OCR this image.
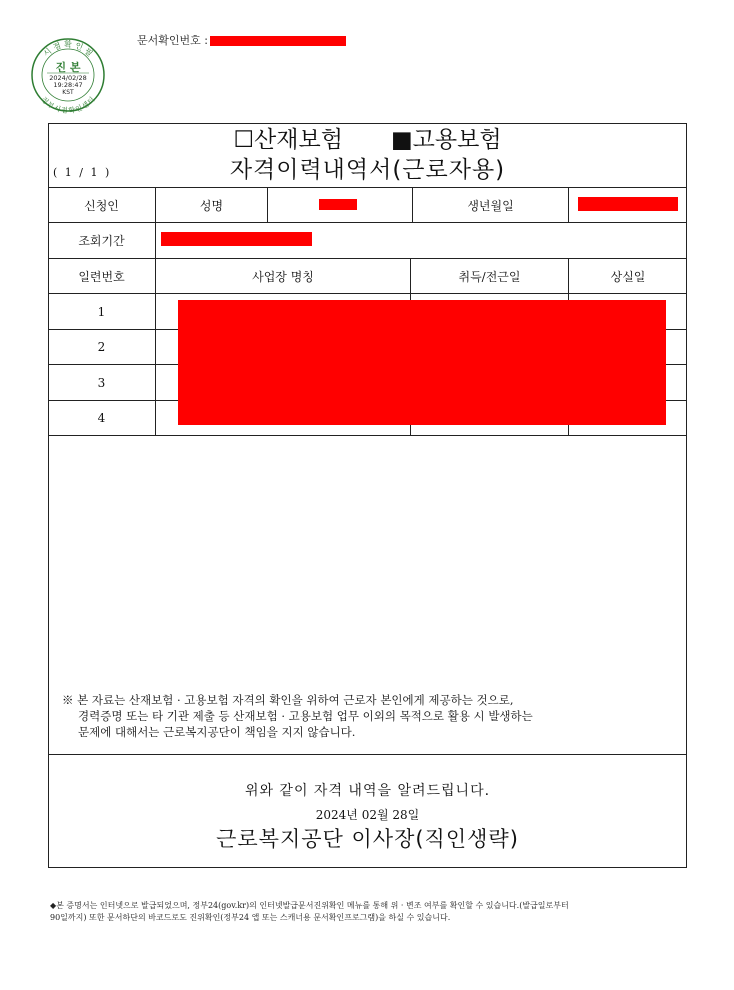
문서확인번호 :
시 점 확 인 필
정부시점확인센터
진 본
2024/02/28
19:28:47
KST
☐산재보험 ■고용보험
자격이력내역서(근로자용)
( 1 / 1 )
신청인	성명	생년월일
조회기간
일련번호	사업장 명칭	취득/전근일	상실일
1
2
3
4
※ 본 자료는 산재보험 · 고용보험 자격의 확인을 위하여 근로자 본인에게 제공하는 것으로,
경력증명 또는 타 기관 제출 등 산재보험 · 고용보험 업무 이외의 목적으로 활용 시 발생하는
문제에 대해서는 근로복지공단이 책임을 지지 않습니다.
위와 같이 자격 내역을 알려드립니다.
2024년 02월 28일
근로복지공단 이사장(직인생략)
◆본 증명서는 인터넷으로 발급되었으며, 정부24(gov.kr)의 인터넷발급문서진위확인 메뉴를 통해 위 · 변조 여부를 확인할 수 있습니다.(발급일로부터
90일까지) 또한 문서하단의 바코드로도 진위확인(정부24 앱 또는 스캐너용 문서확인프로그램)을 하실 수 있습니다.
